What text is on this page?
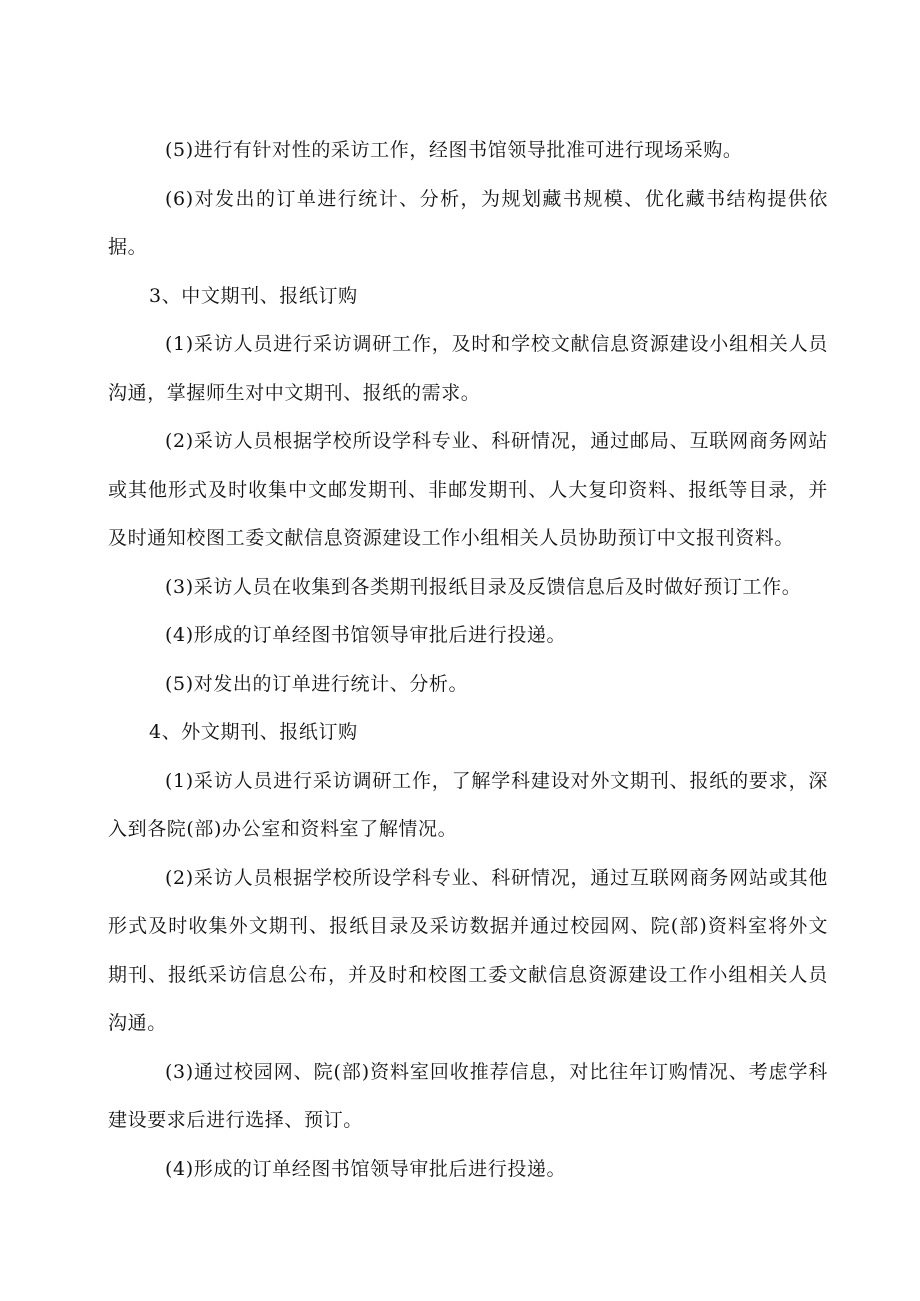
(5)进行有针对性的采访工作，经图书馆领导批准可进行现场采购。

(6)对发出的订单进行统计、分析，为规划藏书规模、优化藏书结构提供依据。

3、中文期刊、报纸订购

(1)采访人员进行采访调研工作，及时和学校文献信息资源建设小组相关人员沟通，掌握师生对中文期刊、报纸的需求。

(2)采访人员根据学校所设学科专业、科研情况，通过邮局、互联网商务网站或其他形式及时收集中文邮发期刊、非邮发期刊、人大复印资料、报纸等目录，并及时通知校图工委文献信息资源建设工作小组相关人员协助预订中文报刊资料。

(3)采访人员在收集到各类期刊报纸目录及反馈信息后及时做好预订工作。

(4)形成的订单经图书馆领导审批后进行投递。

(5)对发出的订单进行统计、分析。

4、外文期刊、报纸订购

(1)采访人员进行采访调研工作，了解学科建设对外文期刊、报纸的要求，深入到各院(部)办公室和资料室了解情况。

(2)采访人员根据学校所设学科专业、科研情况，通过互联网商务网站或其他形式及时收集外文期刊、报纸目录及采访数据并通过校园网、院(部)资料室将外文期刊、报纸采访信息公布，并及时和校图工委文献信息资源建设工作小组相关人员沟通。

(3)通过校园网、院(部)资料室回收推荐信息，对比往年订购情况、考虑学科建设要求后进行选择、预订。

(4)形成的订单经图书馆领导审批后进行投递。
